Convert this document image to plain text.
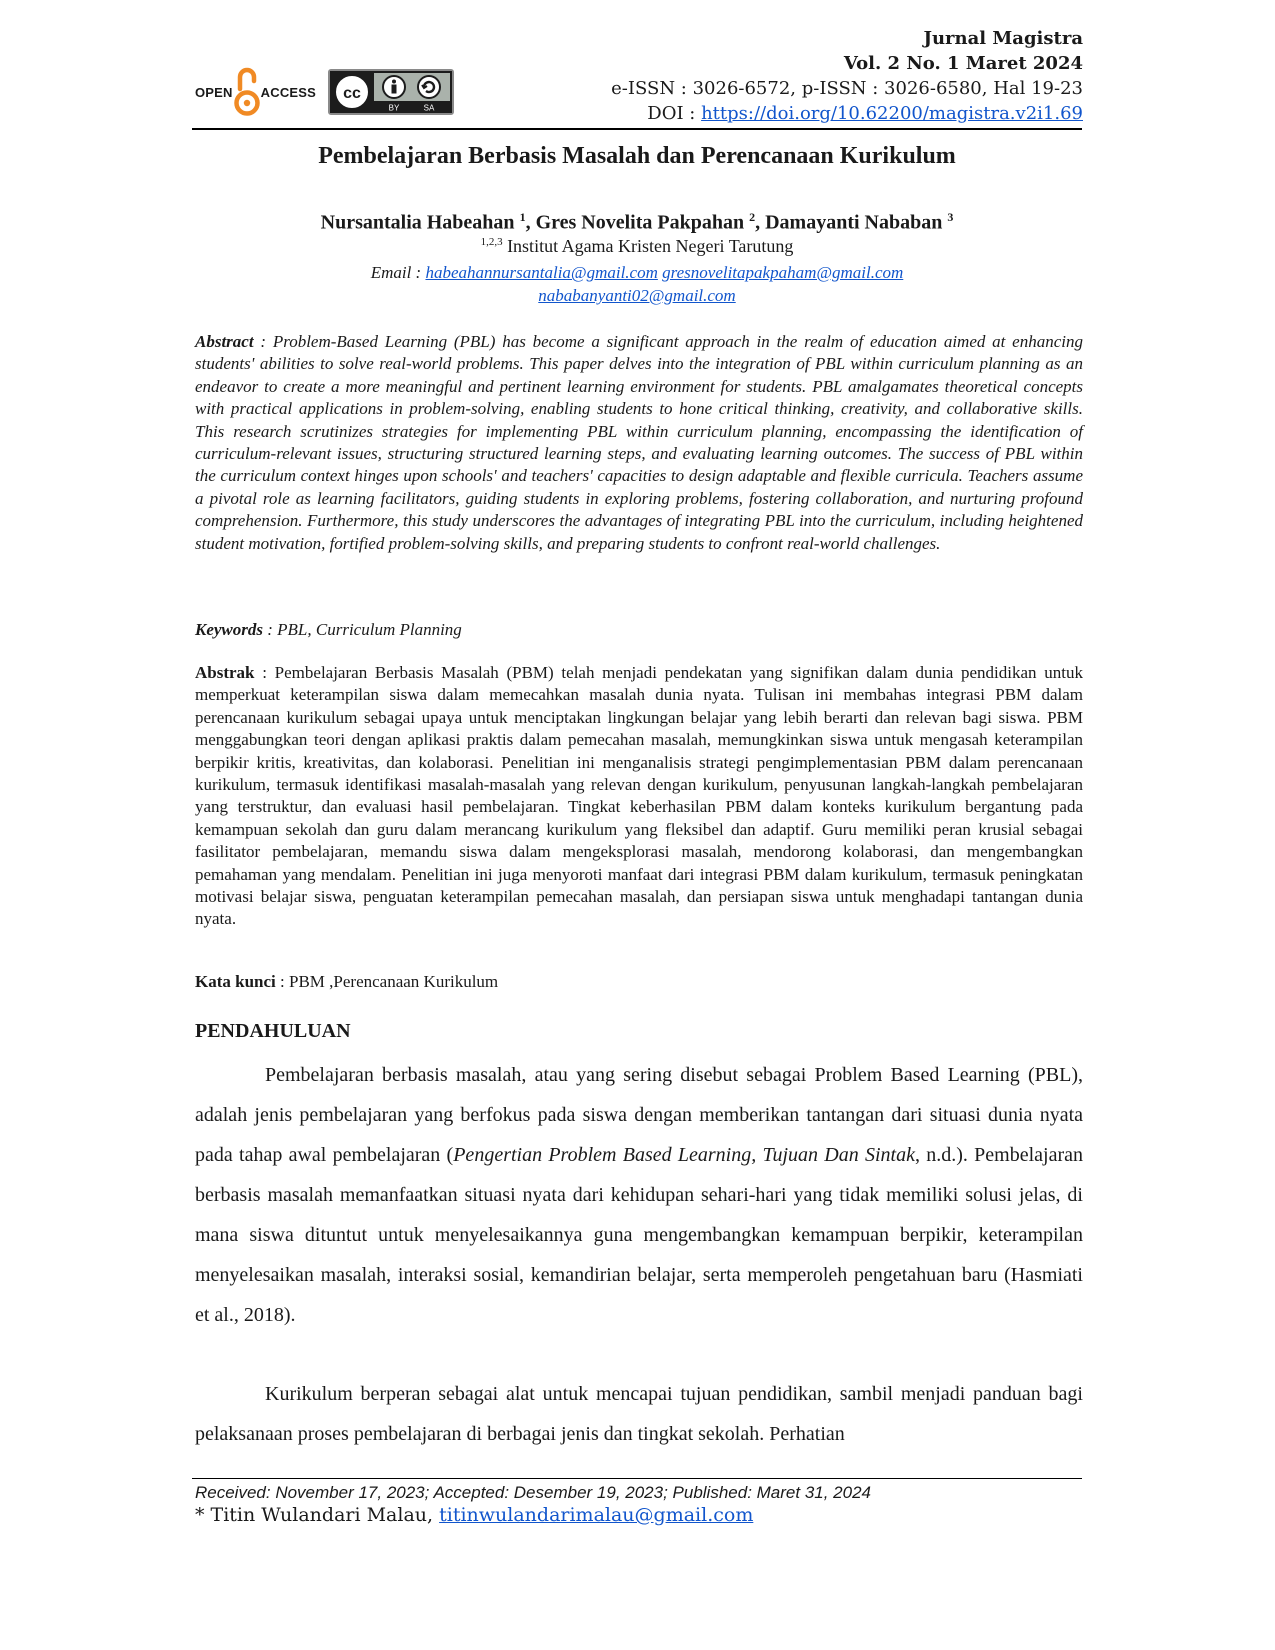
OPEN ACCESS cc
BY	SA
Jurnal Magistra
Vol. 2 No. 1 Maret 2024
e-ISSN : 3026-6572, p-ISSN : 3026-6580, Hal 19-23
DOI : https://doi.org/10.62200/magistra.v2i1.69
Pembelajaran Berbasis Masalah dan Perencanaan Kurikulum
Nursantalia Habeahan $^1$, Gres Novelita Pakpahan $^2$, Damayanti Nababan $^3$
$^{1,2,3}$ Institut Agama Kristen Negeri Tarutung
Email : habeahannursantalia@gmail.com gresnovelitapakpaham@gmail.com
nababanyanti02@gmail.com
Abstract : Problem-Based Learning (PBL) has become a significant approach in the realm of education aimed at enhancing students' abilities to solve real-world problems. This paper delves into the integration of PBL within curriculum planning as an endeavor to create a more meaningful and pertinent learning environment for students. PBL amalgamates theoretical concepts with practical applications in problem-solving, enabling students to hone critical thinking, creativity, and collaborative skills. This research scrutinizes strategies for implementing PBL within curriculum planning, encompassing the identification of curriculum-relevant issues, structuring structured learning steps, and evaluating learning outcomes. The success of PBL within the curriculum context hinges upon schools' and teachers' capacities to design adaptable and flexible curricula. Teachers assume a pivotal role as learning facilitators, guiding students in exploring problems, fostering collaboration, and nurturing profound comprehension. Furthermore, this study underscores the advantages of integrating PBL into the curriculum, including heightened student motivation, fortified problem-solving skills, and preparing students to confront real-world challenges.
Keywords : PBL, Curriculum Planning
Abstrak : Pembelajaran Berbasis Masalah (PBM) telah menjadi pendekatan yang signifikan dalam dunia pendidikan untuk memperkuat keterampilan siswa dalam memecahkan masalah dunia nyata. Tulisan ini membahas integrasi PBM dalam perencanaan kurikulum sebagai upaya untuk menciptakan lingkungan belajar yang lebih berarti dan relevan bagi siswa. PBM menggabungkan teori dengan aplikasi praktis dalam pemecahan masalah, memungkinkan siswa untuk mengasah keterampilan berpikir kritis, kreativitas, dan kolaborasi. Penelitian ini menganalisis strategi pengimplementasian PBM dalam perencanaan kurikulum, termasuk identifikasi masalah-masalah yang relevan dengan kurikulum, penyusunan langkah-langkah pembelajaran yang terstruktur, dan evaluasi hasil pembelajaran. Tingkat keberhasilan PBM dalam konteks kurikulum bergantung pada kemampuan sekolah dan guru dalam merancang kurikulum yang fleksibel dan adaptif. Guru memiliki peran krusial sebagai fasilitator pembelajaran, memandu siswa dalam mengeksplorasi masalah, mendorong kolaborasi, dan mengembangkan pemahaman yang mendalam. Penelitian ini juga menyoroti manfaat dari integrasi PBM dalam kurikulum, termasuk peningkatan motivasi belajar siswa, penguatan keterampilan pemecahan masalah, dan persiapan siswa untuk menghadapi tantangan dunia nyata.
Kata kunci : PBM ,Perencanaan Kurikulum
PENDAHULUAN
Pembelajaran berbasis masalah, atau yang sering disebut sebagai Problem Based Learning (PBL), adalah jenis pembelajaran yang berfokus pada siswa dengan memberikan tantangan dari situasi dunia nyata pada tahap awal pembelajaran (Pengertian Problem Based Learning, Tujuan Dan Sintak, n.d.). Pembelajaran berbasis masalah memanfaatkan situasi nyata dari kehidupan sehari-hari yang tidak memiliki solusi jelas, di mana siswa dituntut untuk menyelesaikannya guna mengembangkan kemampuan berpikir, keterampilan menyelesaikan masalah, interaksi sosial, kemandirian belajar, serta memperoleh pengetahuan baru (Hasmiati et al., 2018).
Kurikulum berperan sebagai alat untuk mencapai tujuan pendidikan, sambil menjadi panduan bagi pelaksanaan proses pembelajaran di berbagai jenis dan tingkat sekolah. Perhatian
Received: November 17, 2023; Accepted: Desember 19, 2023; Published: Maret 31, 2024
* Titin Wulandari Malau, titinwulandarimalau@gmail.com
